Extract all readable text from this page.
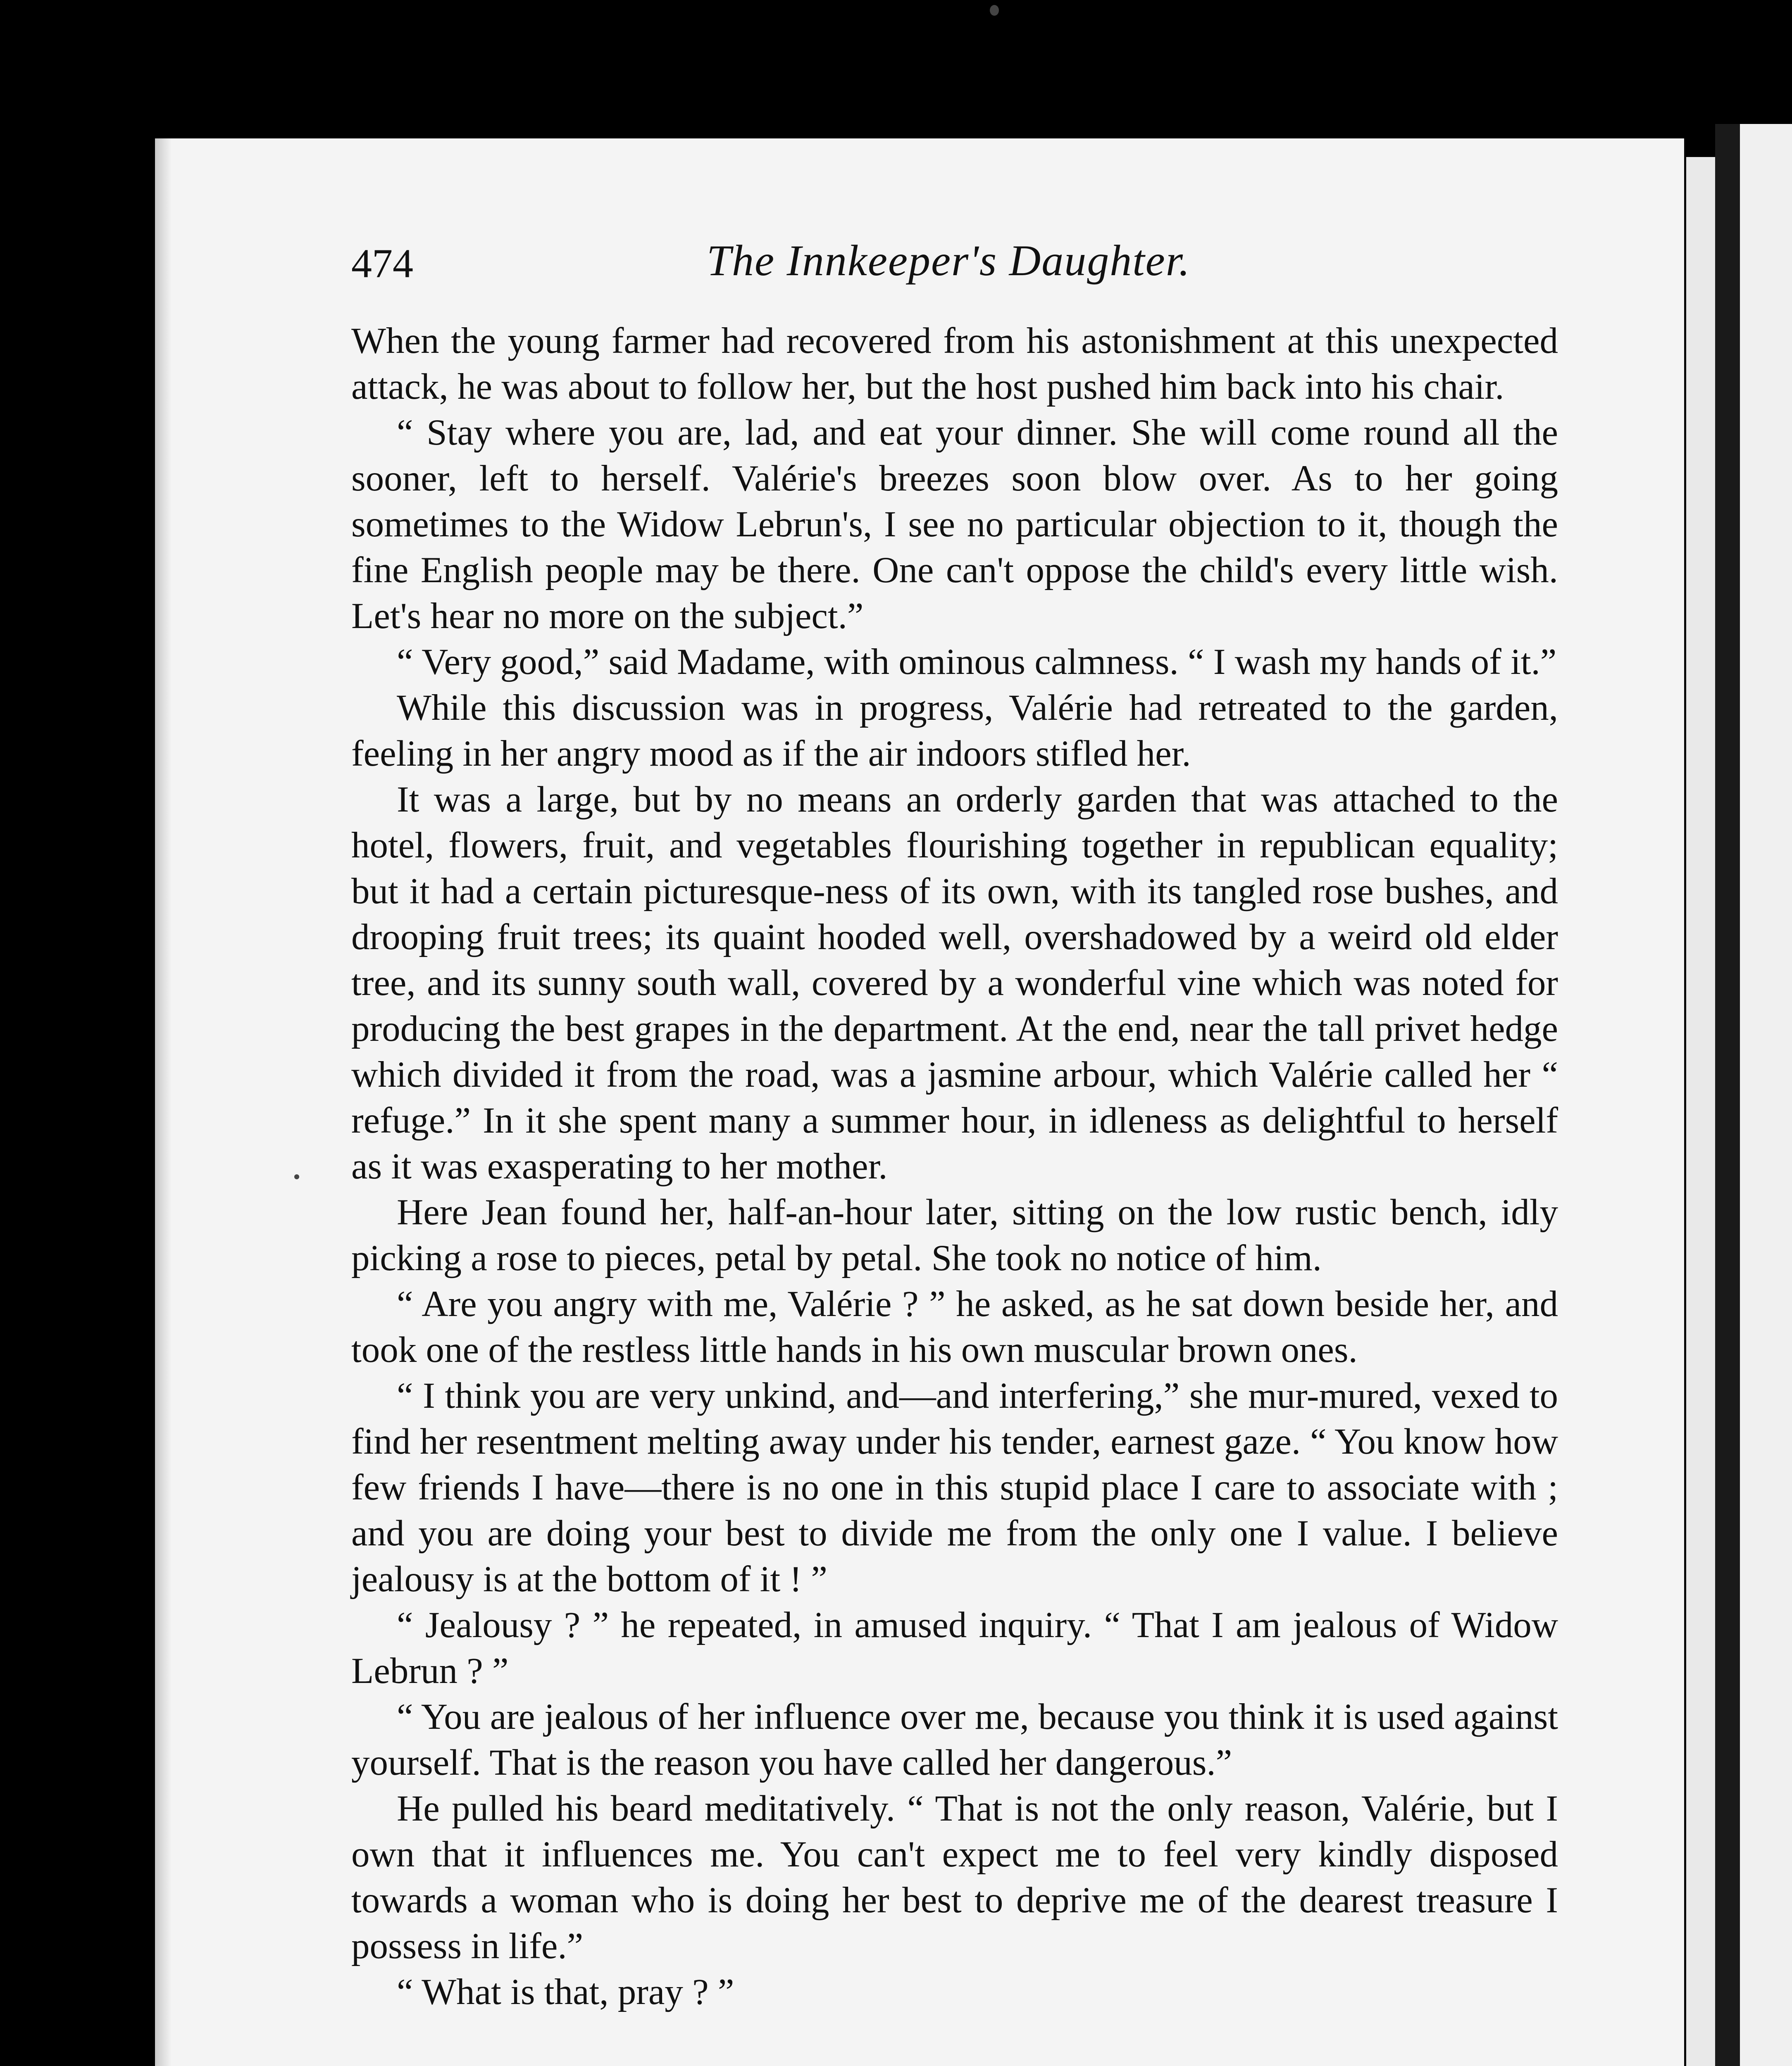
474	The Innkeeper's Daughter.

When the young farmer had recovered from his astonishment at this unexpected attack, he was about to follow her, but the host pushed him back into his chair.

“ Stay where you are, lad, and eat your dinner. She will come round all the sooner, left to herself. Valérie's breezes soon blow over. As to her going sometimes to the Widow Lebrun's, I see no particular objection to it, though the fine English people may be there. One can't oppose the child's every little wish. Let's hear no more on the subject.”

“ Very good,” said Madame, with ominous calmness. “ I wash my hands of it.”

While this discussion was in progress, Valérie had retreated to the garden, feeling in her angry mood as if the air indoors stifled her.

It was a large, but by no means an orderly garden that was attached to the hotel, flowers, fruit, and vegetables flourishing together in republican equality; but it had a certain picturesque-ness of its own, with its tangled rose bushes, and drooping fruit trees; its quaint hooded well, overshadowed by a weird old elder tree, and its sunny south wall, covered by a wonderful vine which was noted for producing the best grapes in the department. At the end, near the tall privet hedge which divided it from the road, was a jasmine arbour, which Valérie called her “ refuge.” In it she spent many a summer hour, in idleness as delightful to herself as it was exasperating to her mother.

Here Jean found her, half-an-hour later, sitting on the low rustic bench, idly picking a rose to pieces, petal by petal. She took no notice of him.

“ Are you angry with me, Valérie ? ” he asked, as he sat down beside her, and took one of the restless little hands in his own muscular brown ones.

“ I think you are very unkind, and—and interfering,” she mur-mured, vexed to find her resentment melting away under his tender, earnest gaze. “ You know how few friends I have—there is no one in this stupid place I care to associate with ; and you are doing your best to divide me from the only one I value. I believe jealousy is at the bottom of it ! ”

“ Jealousy ? ” he repeated, in amused inquiry. “ That I am jealous of Widow Lebrun ? ”

“ You are jealous of her influence over me, because you think it is used against yourself. That is the reason you have called her dangerous.”

He pulled his beard meditatively. “ That is not the only reason, Valérie, but I own that it influences me. You can't expect me to feel very kindly disposed towards a woman who is doing her best to deprive me of the dearest treasure I possess in life.”

“ What is that, pray ? ”
